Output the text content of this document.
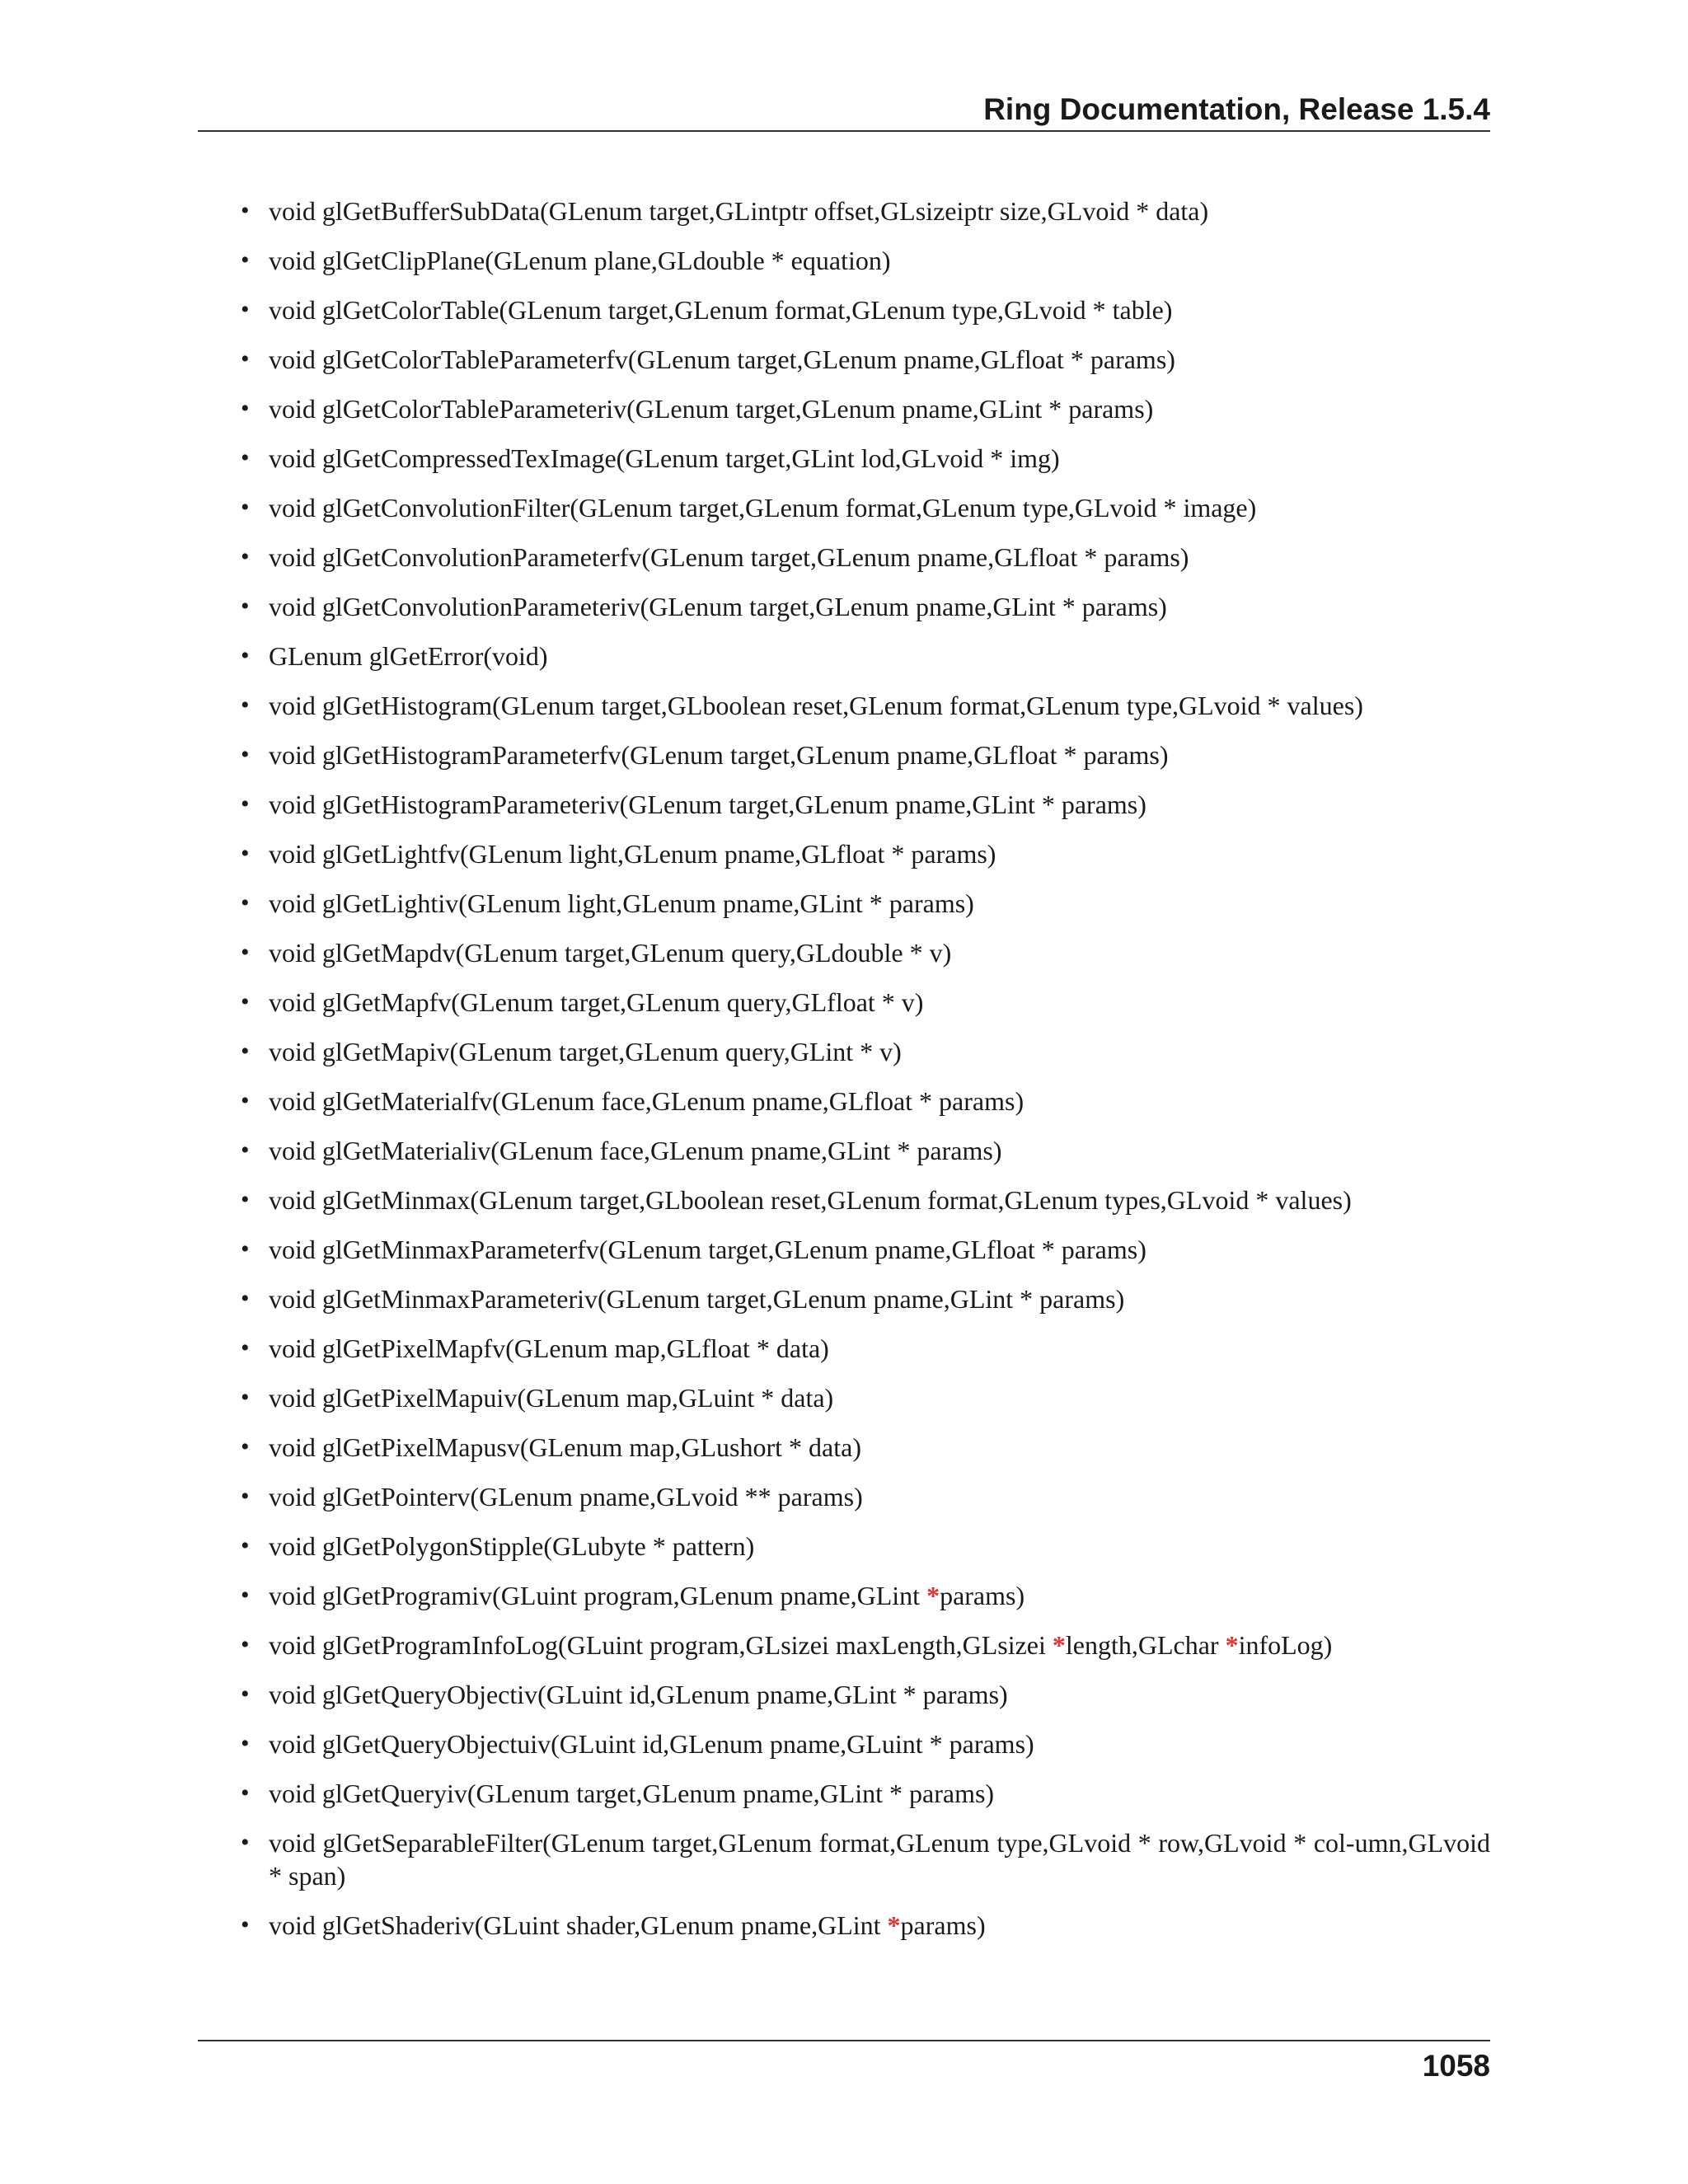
Ring Documentation, Release 1.5.4
• void glGetBufferSubData(GLenum target,GLintptr offset,GLsizeiptr size,GLvoid * data)
• void glGetClipPlane(GLenum plane,GLdouble * equation)
• void glGetColorTable(GLenum target,GLenum format,GLenum type,GLvoid * table)
• void glGetColorTableParameterfv(GLenum target,GLenum pname,GLfloat * params)
• void glGetColorTableParameteriv(GLenum target,GLenum pname,GLint * params)
• void glGetCompressedTexImage(GLenum target,GLint lod,GLvoid * img)
• void glGetConvolutionFilter(GLenum target,GLenum format,GLenum type,GLvoid * image)
• void glGetConvolutionParameterfv(GLenum target,GLenum pname,GLfloat * params)
• void glGetConvolutionParameteriv(GLenum target,GLenum pname,GLint * params)
• GLenum glGetError(void)
• void glGetHistogram(GLenum target,GLboolean reset,GLenum format,GLenum type,GLvoid * values)
• void glGetHistogramParameterfv(GLenum target,GLenum pname,GLfloat * params)
• void glGetHistogramParameteriv(GLenum target,GLenum pname,GLint * params)
• void glGetLightfv(GLenum light,GLenum pname,GLfloat * params)
• void glGetLightiv(GLenum light,GLenum pname,GLint * params)
• void glGetMapdv(GLenum target,GLenum query,GLdouble * v)
• void glGetMapfv(GLenum target,GLenum query,GLfloat * v)
• void glGetMapiv(GLenum target,GLenum query,GLint * v)
• void glGetMaterialfv(GLenum face,GLenum pname,GLfloat * params)
• void glGetMaterialiv(GLenum face,GLenum pname,GLint * params)
• void glGetMinmax(GLenum target,GLboolean reset,GLenum format,GLenum types,GLvoid * values)
• void glGetMinmaxParameterfv(GLenum target,GLenum pname,GLfloat * params)
• void glGetMinmaxParameteriv(GLenum target,GLenum pname,GLint * params)
• void glGetPixelMapfv(GLenum map,GLfloat * data)
• void glGetPixelMapuiv(GLenum map,GLuint * data)
• void glGetPixelMapusv(GLenum map,GLushort * data)
• void glGetPointerv(GLenum pname,GLvoid ** params)
• void glGetPolygonStipple(GLubyte * pattern)
• void glGetProgramiv(GLuint program,GLenum pname,GLint *params)
• void glGetProgramInfoLog(GLuint program,GLsizei maxLength,GLsizei *length,GLchar *infoLog)
• void glGetQueryObjectiv(GLuint id,GLenum pname,GLint * params)
• void glGetQueryObjectuiv(GLuint id,GLenum pname,GLuint * params)
• void glGetQueryiv(GLenum target,GLenum pname,GLint * params)
• void glGetSeparableFilter(GLenum target,GLenum format,GLenum type,GLvoid * row,GLvoid * col-umn,GLvoid * span)
• void glGetShaderiv(GLuint shader,GLenum pname,GLint *params)
1058
